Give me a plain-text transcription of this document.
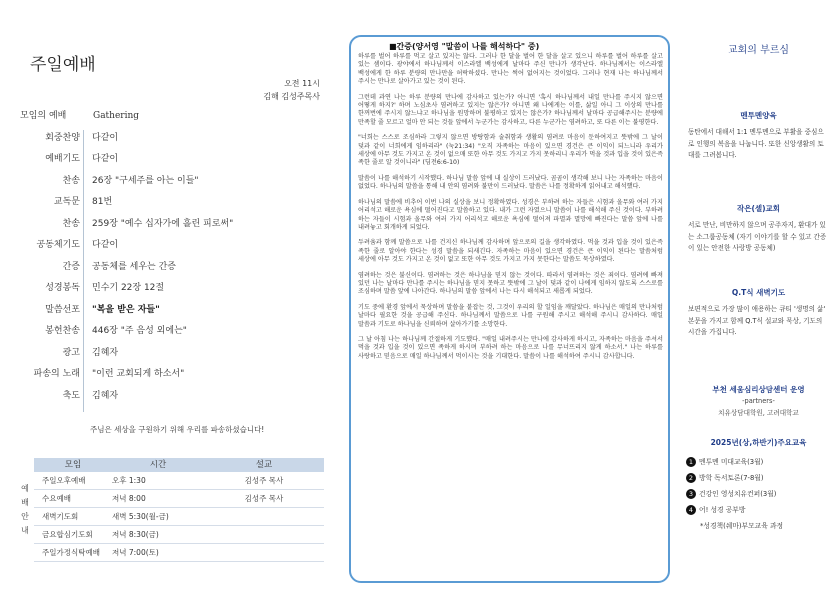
주일예배
오전 11시
김해 김성주목사
모임의 예배	Gathering
회중찬양 다같이
예배기도 다같이
찬송 26장 "구세주를 아는 이들"
교독문 81번
찬송 259장 "예수 십자가에 흘린 피로써"
공동체기도 다같이
간증 공동체를 세우는 간증
성경봉독 민수기 22장 12절
말씀선포 "복을 받은 자들"
봉헌찬송 446장 "주 음성 외에는"
광고 김혜자
파송의 노래 "이런 교회되게 하소서"
축도 김혜자
주님은 세상을 구원하기 위해 우리를 파송하셨습니다!
예
배
안
내
모임	시간	설교
주일오후예배	오후 1:30	김성주 목사
수요예배	저녁 8:00	김성주 목사
새벽기도회	새벽 5:30(월-금)
금요합심기도회	저녁 8:30(금)
주일가정식탁예배	저녁 7:00(토)
■간증(양서영 "말씀이 나를 해석하다" 중)

하루를 벌어 하루를 먹고 살고 있지는 않다. 그러나 한 달을 벌어 한 달을 살고 있으니 하루를 벌어 하루를 살고 있는 셈이다. 광야에서 하나님께서 이스라엘 백성에게 날마다 주신 만나가 생각난다. 하나님께서는 이스라엘 백성에게 한 하루 분량의 만나만을 허락하셨다. 만나는 썩어 없어지는 것이었다. 그러나 현재 나는 하나님께서 주시는 만나로 살아가고 있는 것이 된다.

그런데 과연 나는 하루 분량의 만나에 감사하고 있는가? 아니면 '혹시 하나님께서 내일 만나를 주시지 않으면 어떻게 하지?' 하며 노심초사 염려하고 있지는 않은가? 아니면 왜 나에게는 이를, 삶일 아니 그 이상의 만나를 한꺼번에 주시지 않느냐고 하나님을 원망하며 불평하고 있지는 않은가? 하나님께서 날마다 공급해주시는 분량에 만족할 줄 모르고 얼마 안 되는 것들 앞에서 누군가는 감사하고, 다른 누군가는 염려하고, 또 다른 이는 불평한다.

"너희는 스스로 조심하라 그렇지 않으면 방탕함과 술취함과 생활의 염려로 마음이 둔하여지고 뜻밖에 그 날이 덫과 같이 너희에게 임하리라" (눅21:34) "오직 자족하는 마음이 있으면 경건은 큰 이익이 되느니라 우리가 세상에 아무 것도 가지고 온 것이 없으매 또한 아무 것도 가지고 가지 못하리니 우리가 먹을 것과 입을 것이 있은즉 족한 줄로 알 것이니라" (딤전6:6-10)

말씀이 나를 해석하기 시작했다. 하나님 말씀 앞에 내 실상이 드러났다. 곰곰이 생각해 보니 나는 자족하는 마음이 없었다. 하나님의 말씀을 통해 내 안의 염려와 불만이 드러났다. 말씀은 나를 정확하게 읽어내고 해석했다.

하나님의 말씀에 비추어 이번 나의 실상을 보니 정확하였다. 성경은 부하려 하는 자들은 시험과 올무와 여러 가지 어리석고 해로운 욕심에 떨어진다고 말씀하고 있다. 내가 그런 자였으니 말씀이 나를 해석해 주신 것이다. 부하려 하는 자들이 시험과 올무와 여러 가지 어리석고 해로운 욕심에 떨어져 파멸과 멸망에 빠진다는 말씀 앞에 나를 내려놓고 회개하게 되었다.

두려움과 함께 말씀으로 나를 건지신 하나님께 감사하며 앞으로의 길을 생각하였다. 먹을 것과 입을 것이 있은즉 족한 줄로 알아야 한다는 성경 말씀을 되새긴다. 자족하는 마음이 있으면 경건은 큰 이익이 된다는 말씀처럼 세상에 아무 것도 가지고 온 것이 없고 또한 아무 것도 가지고 가지 못한다는 말씀도 묵상하였다.

염려하는 것은 불신이다. 염려하는 것은 하나님을 믿지 않는 것이다. 따라서 염려하는 것은 죄이다. 염려에 빠져 있던 나는 날마다 만나를 주시는 하나님을 믿지 못하고 뜻밖에 그 날이 덫과 같이 나에게 임하지 않도록 스스로를 조심하며 말씀 앞에 나아간다. 하나님의 말씀 앞에서 나는 다시 해석되고 새롭게 되었다.

기도 중에 환경 앞에서 묵상하며 말씀을 붙잡는 것, 그것이 우리의 할 일임을 깨달았다. 하나님은 매일의 만나처럼 날마다 필요한 것을 공급해 주신다. 하나님께서 말씀으로 나를 구원해 주시고 해석해 주시니 감사하다. 매일 말씀과 기도로 하나님을 신뢰하며 살아가기를 소망한다.

그 날 아침 나는 하나님께 간절하게 기도했다. "매일 내려주시는 만나에 감사하게 하시고, 자족하는 마음을 주셔서 먹을 것과 입을 것이 있으면 족하게 하시며 부하려 하는 마음으로 나를 무너뜨리지 않게 하소서." 나는 하루를 사랑하고 믿음으로 매일 하나님께서 먹이시는 것을 기대한다. 말씀이 나를 해석하여 주시니 감사합니다.

교회의 부르심
멘투멘양육
동탄에서 대해서 1:1 멘투멘으로 부활을 중심으로 인행의 복음을 나눕니다. 또한 신앙생활의 토대를 그려봅니다.
작은(셀)교회
서로 만난, 비만하지 않으며 공주자지, 환대가 있는 소그룹공동체 (자기 이야기를 할 수 있고 간증이 있는 안전한 사랑방 공동체)
Q.T식 새벽기도
보편적으로 가장 많이 애용하는 큐티 '생명의 삶' 본문을 가지고 함께 Q.T식 설교와 묵상, 기도의 시간을 가집니다.
부천 세움심리상담센터 운영
-partners-
치유상담대학원, 고려대학교
2025년(상,하반기)주요교육
1 멘투멘 미대교육(3월)
2 방학 독서토론(7-8월)
3 건강인 영성치유컨퍼(3월)
4 어! 성경 공부방
*성경책(쉐마)부모교육 과정
